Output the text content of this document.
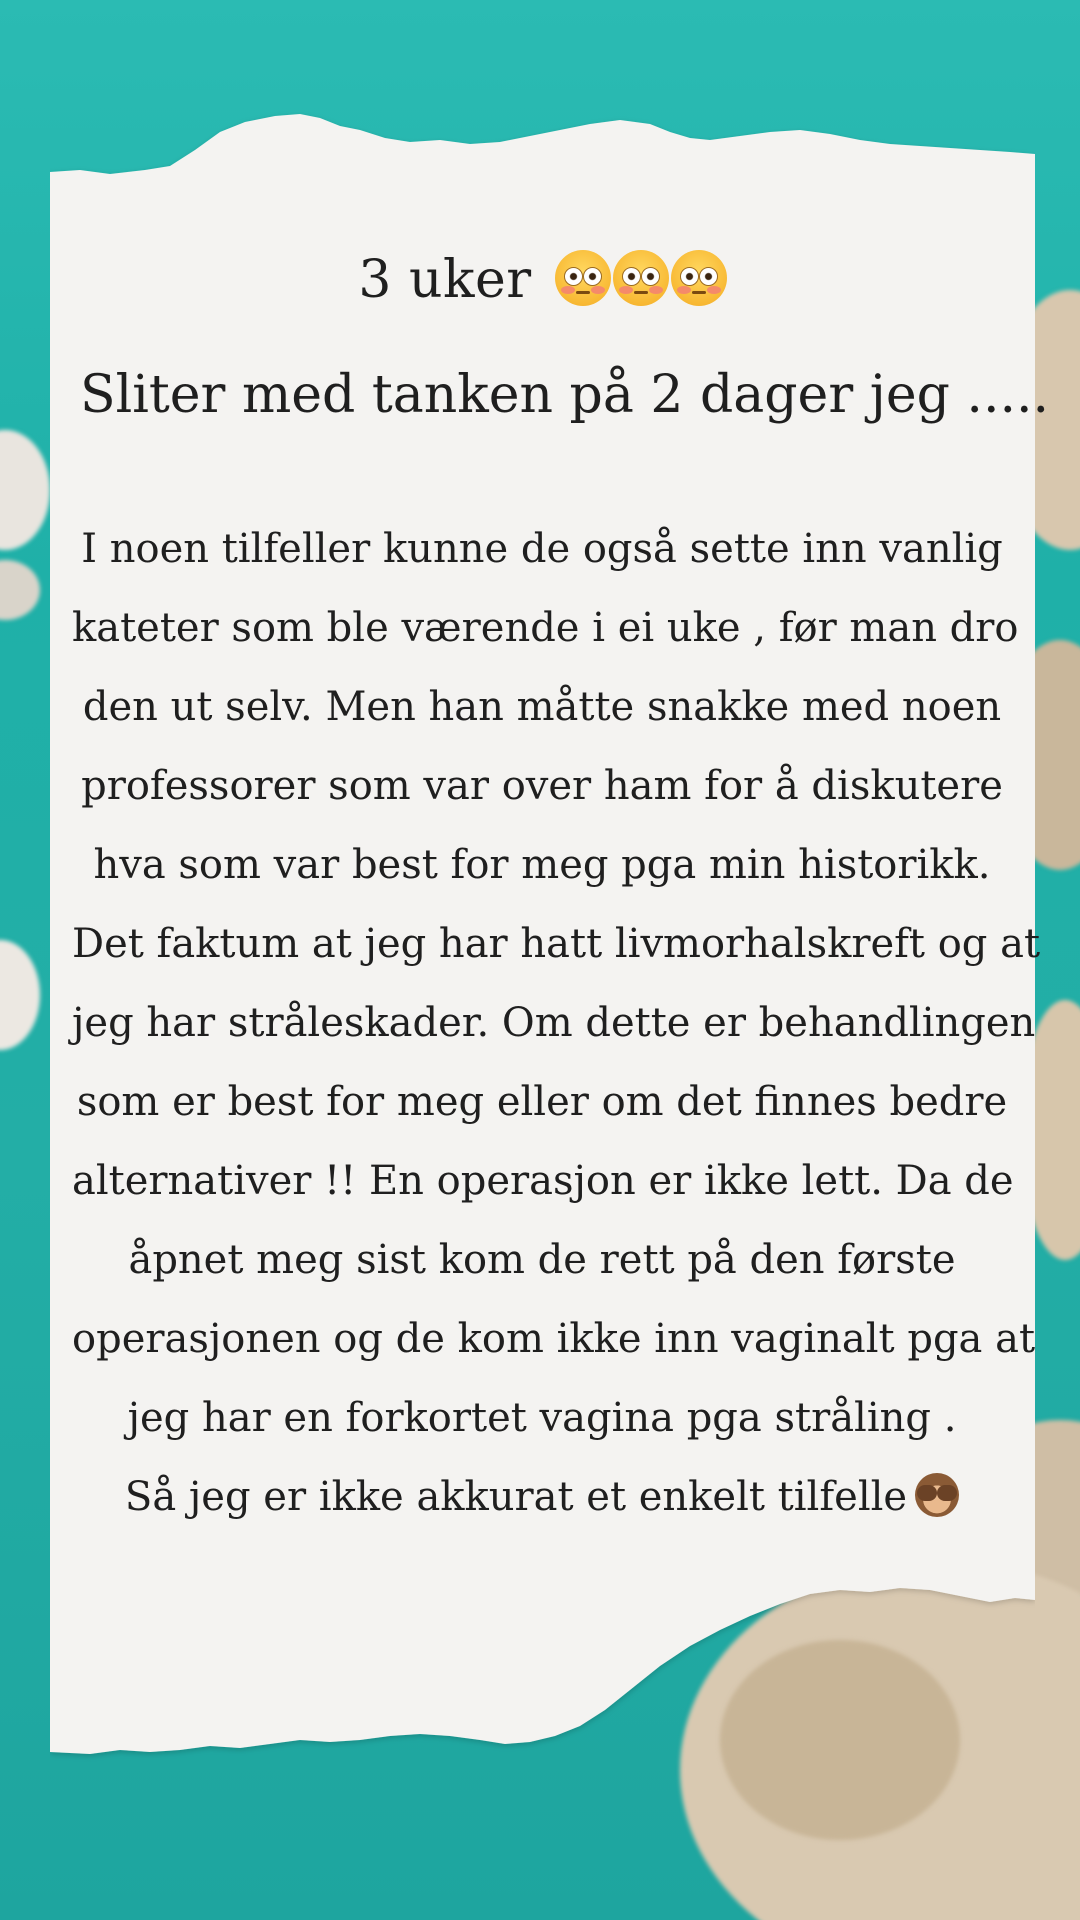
3 uker
Sliter med tanken på 2 dager jeg .....

I noen tilfeller kunne de også sette inn vanlig
kateter som ble værende i ei uke , før man dro
den ut selv. Men han måtte snakke med noen
professorer som var over ham for å diskutere
hva som var best for meg pga min historikk.
Det faktum at jeg har hatt livmorhalskreft og at
jeg har stråleskader. Om dette er behandlingen
som er best for meg eller om det finnes bedre
alternativer !! En operasjon er ikke lett. Da de
åpnet meg sist kom de rett på den første
operasjonen og de kom ikke inn vaginalt pga at
jeg har en forkortet vagina pga stråling .
Så jeg er ikke akkurat et enkelt tilfelle
